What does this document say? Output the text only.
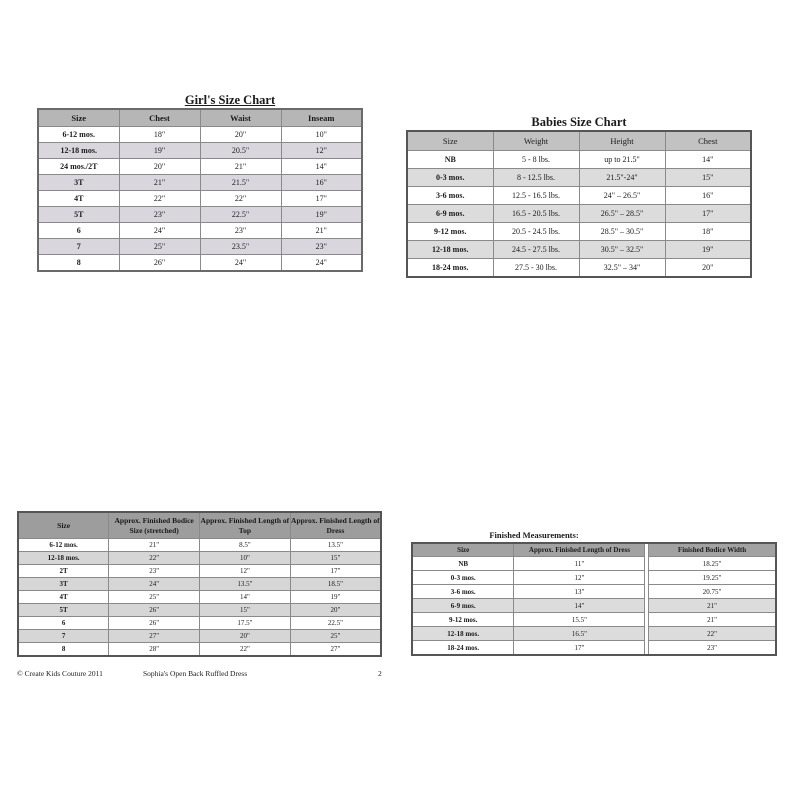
Girl's Size Chart
Size	Chest	Waist	Inseam
6-12 mos.	18"	20"	10"
12-18 mos.	19"	20.5"	12"
24 mos./2T	20"	21"	14"
3T	21"	21.5"	16"
4T	22"	22"	17"
5T	23"	22.5"	19"
6	24"	23"	21"
7	25"	23.5"	23"
8	26"	24"	24"
Babies Size Chart
Size	Weight	Height	Chest
NB	5 - 8 lbs.	up to 21.5"	14"
0-3 mos.	8 - 12.5 lbs.	21.5"-24"	15"
3-6 mos.	12.5 - 16.5 lbs.	24" – 26.5"	16"
6-9 mos.	16.5 - 20.5 lbs.	26.5" – 28.5"	17"
9-12 mos.	20.5 - 24.5 lbs.	28.5" – 30.5"	18"
12-18 mos.	24.5 - 27.5 lbs.	30.5" – 32.5"	19"
18-24 mos.	27.5 - 30 lbs.	32.5" – 34"	20"
Size	Approx. Finished Bodice Size (stretched)	Approx. Finished Length of Top	Approx. Finished Length of Dress
6-12 mos.	21"	8.5"	13.5"
12-18 mos.	22"	10"	15"
2T	23"	12"	17"
3T	24"	13.5"	18.5"
4T	25"	14"	19"
5T	26"	15"	20"
6	26"	17.5"	22.5"
7	27"	20"	25"
8	28"	22"	27"
Finished Measurements:
Size	Approx. Finished Length of Dress		Finished Bodice Width
NB	11"		18.25"
0-3 mos.	12"		19.25"
3-6 mos.	13"		20.75"
6-9 mos.	14"		21"
9-12 mos.	15.5"		21"
12-18 mos.	16.5"		22"
18-24 mos.	17"		23"
© Create Kids Couture 2011	Sophia's Open Back Ruffled Dress	2
